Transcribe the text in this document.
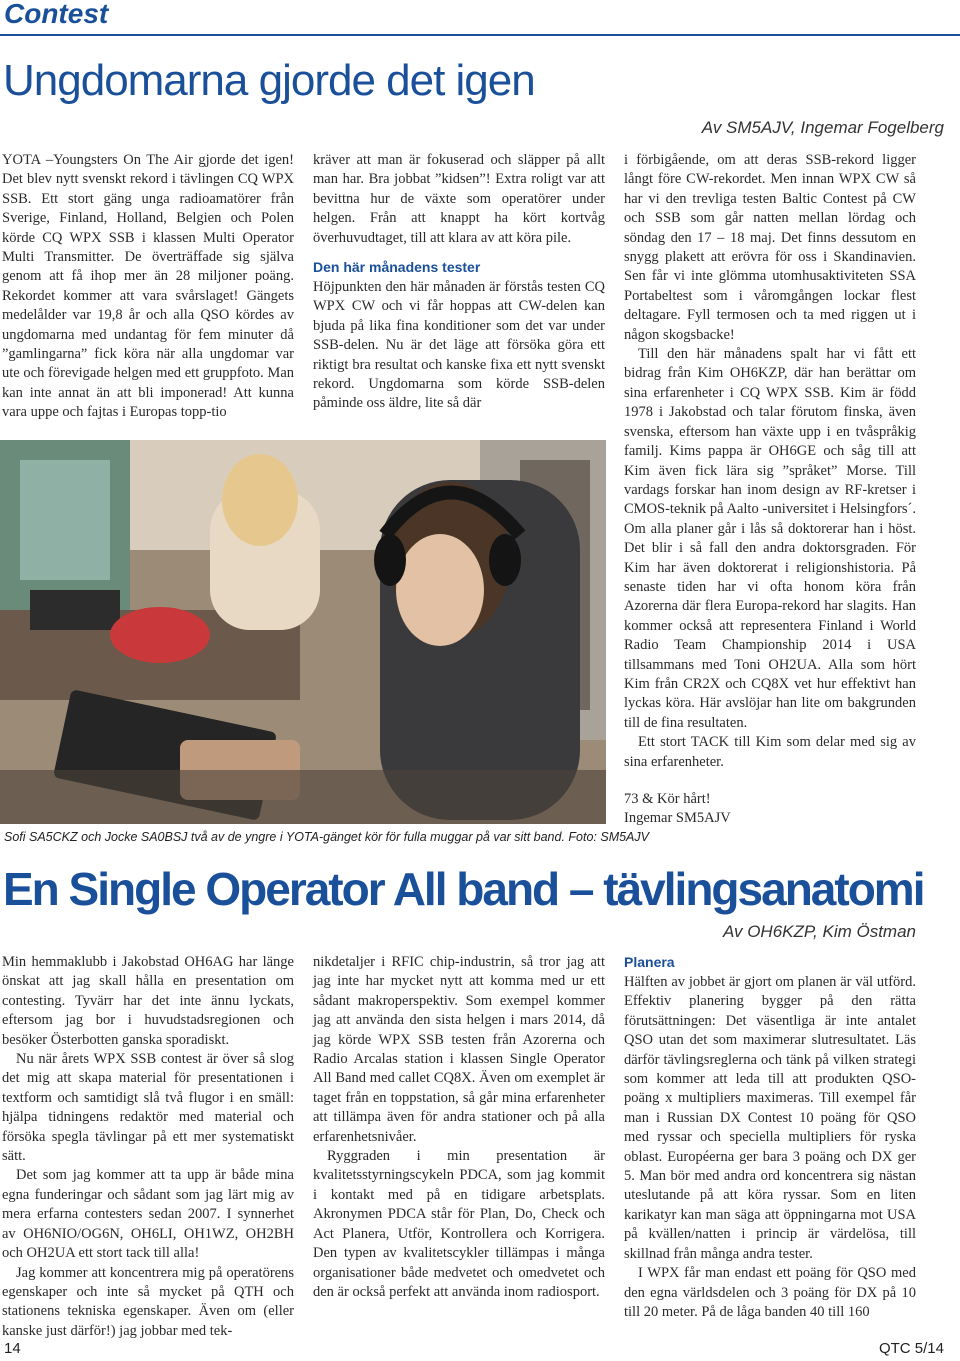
Contest
Ungdomarna gjorde det igen
Av SM5AJV, Ingemar Fogelberg

YOTA –Youngsters On The Air gjorde det igen! Det blev nytt svenskt rekord i tävlingen CQ WPX SSB. Ett stort gäng unga radioamatörer från Sverige, Finland, Holland, Belgien och Polen körde CQ WPX SSB i klassen Multi Operator Multi Transmitter. De överträffade sig själva genom att få ihop mer än 28 miljoner poäng. Rekordet kommer att vara svårslaget! Gängets medelålder var 19,8 år och alla QSO kördes av ungdomarna med undantag för fem minuter då ”gamlingarna” fick köra när alla ungdomar var ute och förevigade helgen med ett gruppfoto. Man kan inte annat än att bli imponerad! Att kunna vara uppe och fajtas i Europas topp-tio

kräver att man är fokuserad och släpper på allt man har. Bra jobbat ”kidsen”! Extra roligt var att bevittna hur de växte som operatörer under helgen. Från att knappt ha kört kortvåg överhuvudtaget, till att klara av att köra pile.

Den här månadens tester

Höjpunkten den här månaden är förstås testen CQ WPX CW och vi får hoppas att CW-delen kan bjuda på lika fina konditioner som det var under SSB-delen. Nu är det läge att försöka göra ett riktigt bra resultat och kanske fixa ett nytt svenskt rekord. Ungdomarna som körde SSB-delen påminde oss äldre, lite så där

i förbigående, om att deras SSB-rekord ligger långt före CW-rekordet. Men innan WPX CW så har vi den trevliga testen Baltic Contest på CW och SSB som går natten mellan lördag och söndag den 17 – 18 maj. Det finns dessutom en snygg plakett att erövra för oss i Skandinavien. Sen får vi inte glömma utomhusaktiviteten SSA Portabeltest som i våromgången lockar flest deltagare. Fyll termosen och ta med riggen ut i någon skogsbacke!

Till den här månadens spalt har vi fått ett bidrag från Kim OH6KZP, där han berättar om sina erfarenheter i CQ WPX SSB. Kim är född 1978 i Jakobstad och talar förutom finska, även svenska, eftersom han växte upp i en tvåspråkig familj. Kims pappa är OH6GE och såg till att Kim även fick lära sig ”språket” Morse. Till vardags forskar han inom design av RF-kretser i CMOS-teknik på Aalto -universitet i Helsingfors´. Om alla planer går i lås så doktorerar han i höst. Det blir i så fall den andra doktorsgraden. För Kim har även doktorerat i religionshistoria. På senaste tiden har vi ofta honom köra från Azorerna där flera Europa-rekord har slagits. Han kommer också att representera Finland i World Radio Team Championship 2014 i USA tillsammans med Toni OH2UA. Alla som hört Kim från CR2X och CQ8X vet hur effektivt han lyckas köra. Här avslöjar han lite om bakgrunden till de fina resultaten.

Ett stort TACK till Kim som delar med sig av sina erfarenheter.

73 & Kör hårt!

Ingemar SM5AJV

Sofi SA5CKZ och Jocke SA0BSJ två av de yngre i YOTA-gänget kör för fulla muggar på var sitt band. Foto: SM5AJV
En Single Operator All band – tävlingsanatomi
Av OH6KZP, Kim Östman

Min hemmaklubb i Jakobstad OH6AG har länge önskat att jag skall hålla en presentation om contesting. Tyvärr har det inte ännu lyckats, eftersom jag bor i huvudstadsregionen och besöker Österbotten ganska sporadiskt.

Nu när årets WPX SSB contest är över så slog det mig att skapa material för presentationen i textform och samtidigt slå två flugor i en smäll: hjälpa tidningens redaktör med material och försöka spegla tävlingar på ett mer systematiskt sätt.

Det som jag kommer att ta upp är både mina egna funderingar och sådant som jag lärt mig av mera erfarna contesters sedan 2007. I synnerhet av OH6NIO/OG6N, OH6LI, OH1WZ, OH2BH och OH2UA ett stort tack till alla!

Jag kommer att koncentrera mig på operatörens egenskaper och inte så mycket på QTH och stationens tekniska egenskaper. Även om (eller kanske just därför!) jag jobbar med tek-

nikdetaljer i RFIC chip-industrin, så tror jag att jag inte har mycket nytt att komma med ur ett sådant makroperspektiv. Som exempel kommer jag att använda den sista helgen i mars 2014, då jag körde WPX SSB testen från Azorerna och Radio Arcalas station i klassen Single Operator All Band med callet CQ8X. Även om exemplet är taget från en toppstation, så går mina erfarenheter att tillämpa även för andra stationer och på alla erfarenhetsnivåer.

Ryggraden i min presentation är kvalitetsstyrningscykeln PDCA, som jag kommit i kontakt med på en tidigare arbetsplats. Akronymen PDCA står för Plan, Do, Check och Act Planera, Utför, Kontrollera och Korrigera. Den typen av kvalitetscykler tillämpas i många organisationer både medvetet och omedvetet och den är också perfekt att använda inom radiosport.

Planera

Hälften av jobbet är gjort om planen är väl utförd. Effektiv planering bygger på den rätta förutsättningen: Det väsentliga är inte antalet QSO utan det som maximerar slutresultatet. Läs därför tävlingsreglerna och tänk på vilken strategi som kommer att leda till att produkten QSO-poäng x multipliers maximeras. Till exempel får man i Russian DX Contest 10 poäng för QSO med ryssar och speciella multipliers för ryska oblast. Européerna ger bara 3 poäng och DX ger 5. Man bör med andra ord koncentrera sig nästan uteslutande på att köra ryssar. Som en liten karikatyr kan man säga att öppningarna mot USA på kvällen/natten i princip är värdelösa, till skillnad från många andra tester.

I WPX får man endast ett poäng för QSO med den egna världsdelen och 3 poäng för DX på 10 till 20 meter. På de låga banden 40 till 160

14	QTC 5/14
